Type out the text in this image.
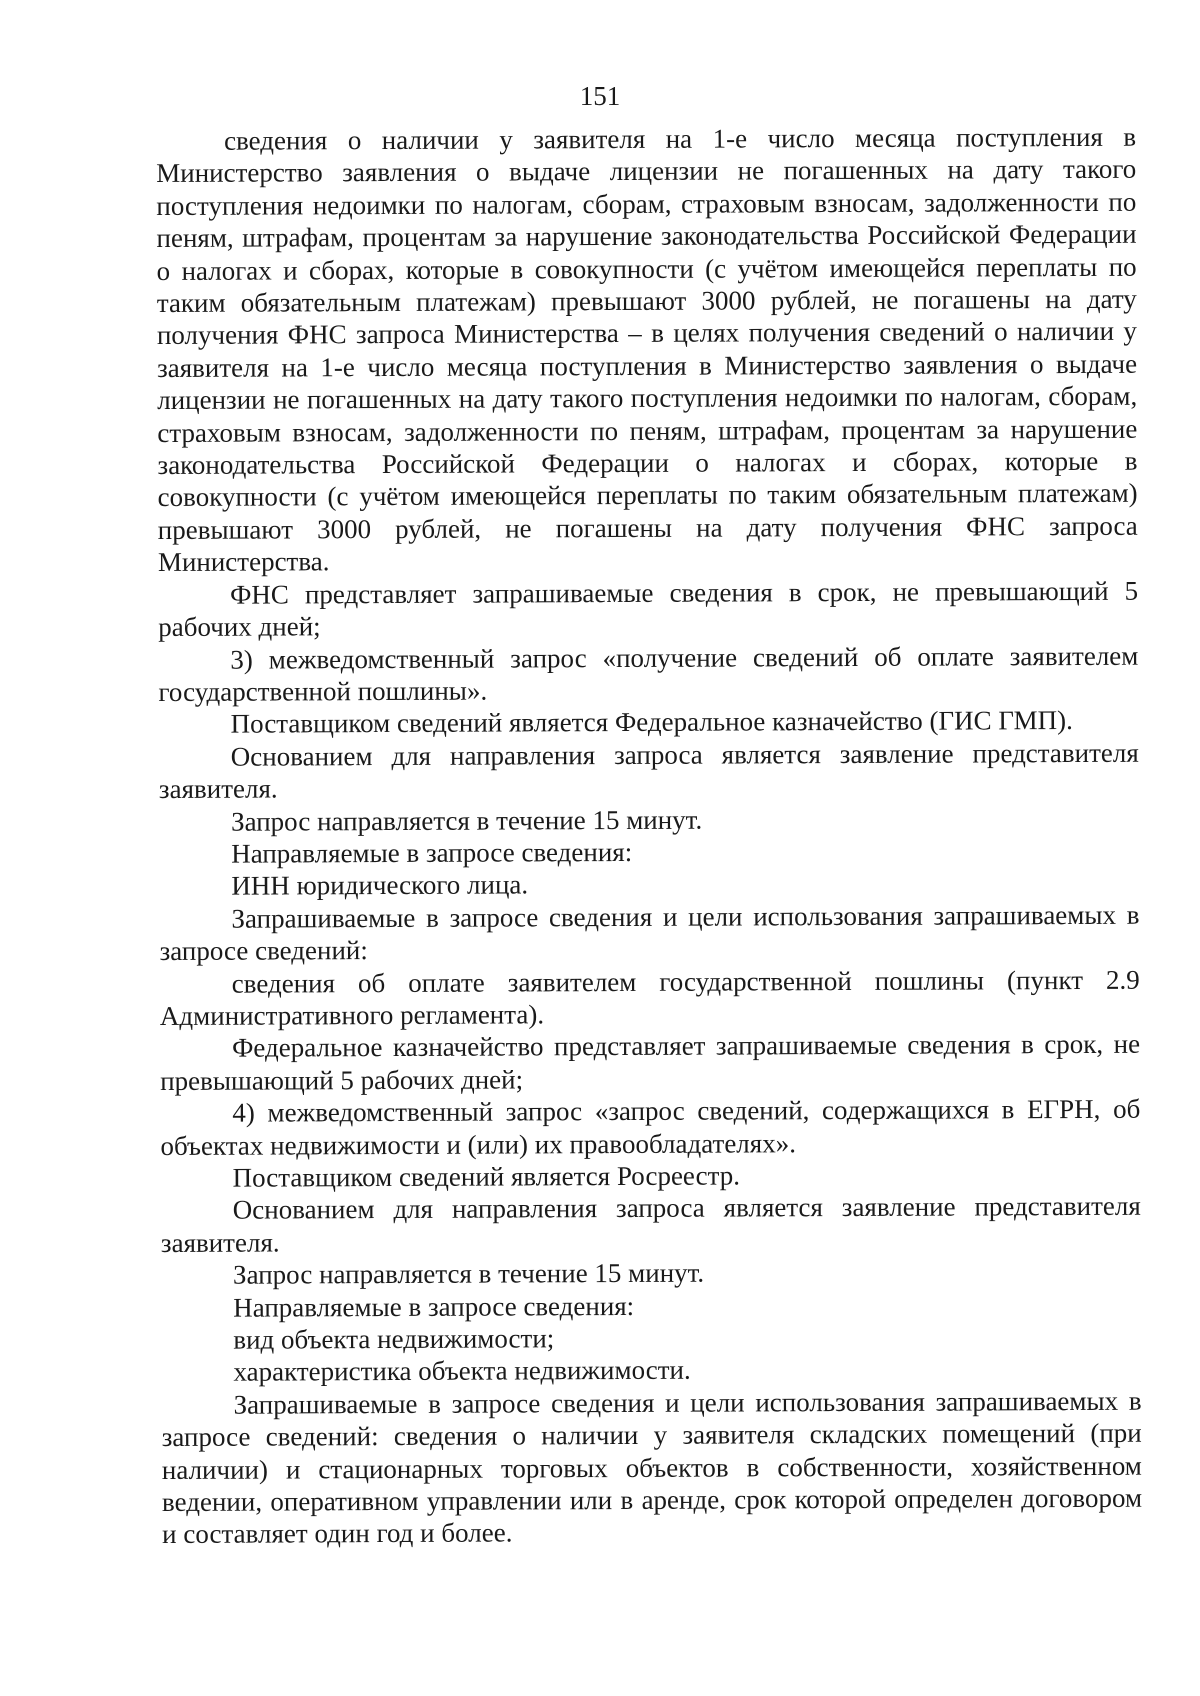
151

сведения о наличии у заявителя на 1-е число месяца поступления в Министерство заявления о выдаче лицензии не погашенных на дату такого поступления недоимки по налогам, сборам, страховым взносам, задолженности по пеням, штрафам, процентам за нарушение законодательства Российской Федерации о налогах и сборах, которые в совокупности (с учётом имеющейся переплаты по таким обязательным платежам) превышают 3000 рублей, не погашены на дату получения ФНС запроса Министерства – в целях получения сведений о наличии у заявителя на 1-е число месяца поступления в Министерство заявления о выдаче лицензии не погашенных на дату такого поступления недоимки по налогам, сборам, страховым взносам, задолженности по пеням, штрафам, процентам за нарушение законодательства Российской Федерации о налогах и сборах, которые в совокупности (с учётом имеющейся переплаты по таким обязательным платежам) превышают 3000 рублей, не погашены на дату получения ФНС запроса Министерства.

ФНС представляет запрашиваемые сведения в срок, не превышающий 5 рабочих дней;

3) межведомственный запрос «получение сведений об оплате заявителем государственной пошлины».

Поставщиком сведений является Федеральное казначейство (ГИС ГМП).

Основанием для направления запроса является заявление представителя заявителя.

Запрос направляется в течение 15 минут.

Направляемые в запросе сведения:

ИНН юридического лица.

Запрашиваемые в запросе сведения и цели использования запрашиваемых в запросе сведений:

сведения об оплате заявителем государственной пошлины (пункт 2.9 Административного регламента).

Федеральное казначейство представляет запрашиваемые сведения в срок, не превышающий 5 рабочих дней;

4) межведомственный запрос «запрос сведений, содержащихся в ЕГРН, об объектах недвижимости и (или) их правообладателях».

Поставщиком сведений является Росреестр.

Основанием для направления запроса является заявление представителя заявителя.

Запрос направляется в течение 15 минут.

Направляемые в запросе сведения:

вид объекта недвижимости;

характеристика объекта недвижимости.

Запрашиваемые в запросе сведения и цели использования запрашиваемых в запросе сведений: сведения о наличии у заявителя складских помещений (при наличии) и стационарных торговых объектов в собственности, хозяйственном ведении, оперативном управлении или в аренде, срок которой определен договором и составляет один год и более.
